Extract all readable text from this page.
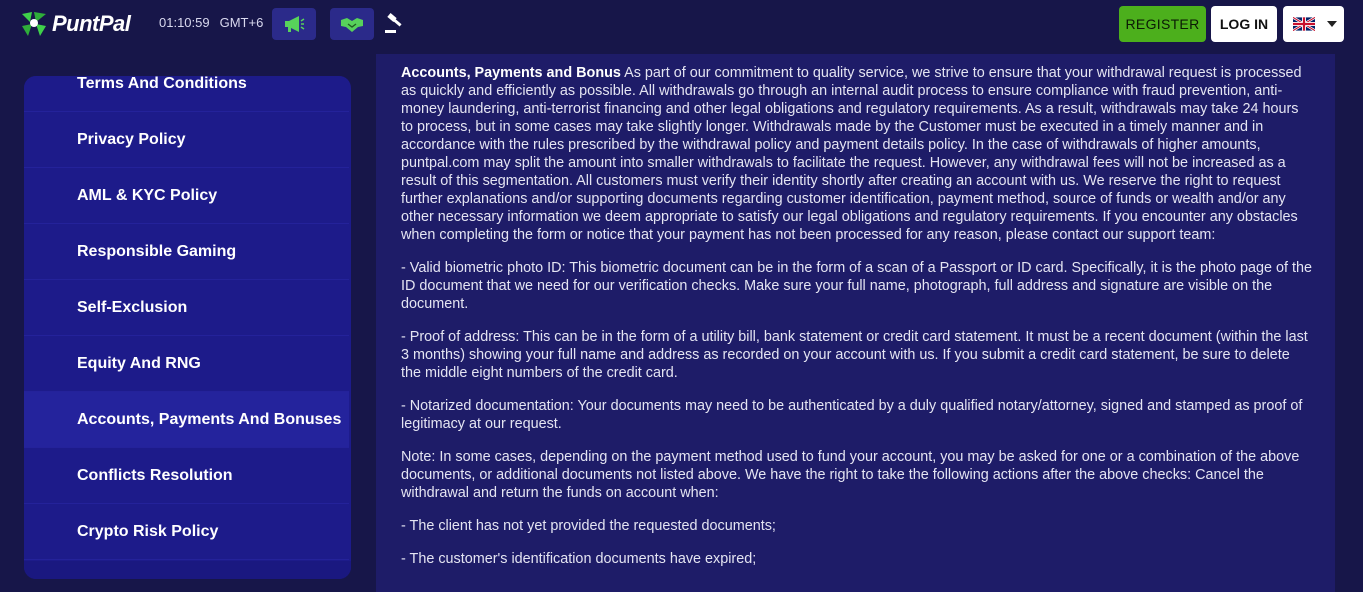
PuntPal 01:10:59 GMT+6	REGISTER	LOG IN
Terms And Conditions
Privacy Policy
AML & KYC Policy
Responsible Gaming
Self-Exclusion
Equity And RNG
Accounts, Payments And Bonuses
Conflicts Resolution
Crypto Risk Policy

Accounts, Payments and Bonus As part of our commitment to quality service, we strive to ensure that your withdrawal request is processed as quickly and efficiently as possible. All withdrawals go through an internal audit process to ensure compliance with fraud prevention, anti-money laundering, anti-terrorist financing and other legal obligations and regulatory requirements. As a result, withdrawals may take 24 hours to process, but in some cases may take slightly longer. Withdrawals made by the Customer must be executed in a timely manner and in accordance with the rules prescribed by the withdrawal policy and payment details policy. In the case of withdrawals of higher amounts, puntpal.com may split the amount into smaller withdrawals to facilitate the request. However, any withdrawal fees will not be increased as a result of this segmentation. All customers must verify their identity shortly after creating an account with us. We reserve the right to request further explanations and/or supporting documents regarding customer identification, payment method, source of funds or wealth and/or any other necessary information we deem appropriate to satisfy our legal obligations and regulatory requirements. If you encounter any obstacles when completing the form or notice that your payment has not been processed for any reason, please contact our support team:

- Valid biometric photo ID: This biometric document can be in the form of a scan of a Passport or ID card. Specifically, it is the photo page of the ID document that we need for our verification checks. Make sure your full name, photograph, full address and signature are visible on the document.

- Proof of address: This can be in the form of a utility bill, bank statement or credit card statement. It must be a recent document (within the last 3 months) showing your full name and address as recorded on your account with us. If you submit a credit card statement, be sure to delete the middle eight numbers of the credit card.

- Notarized documentation: Your documents may need to be authenticated by a duly qualified notary/attorney, signed and stamped as proof of legitimacy at our request.

Note: In some cases, depending on the payment method used to fund your account, you may be asked for one or a combination of the above documents, or additional documents not listed above. We have the right to take the following actions after the above checks: Cancel the withdrawal and return the funds on account when:

- The client has not yet provided the requested documents;

- The customer's identification documents have expired;
